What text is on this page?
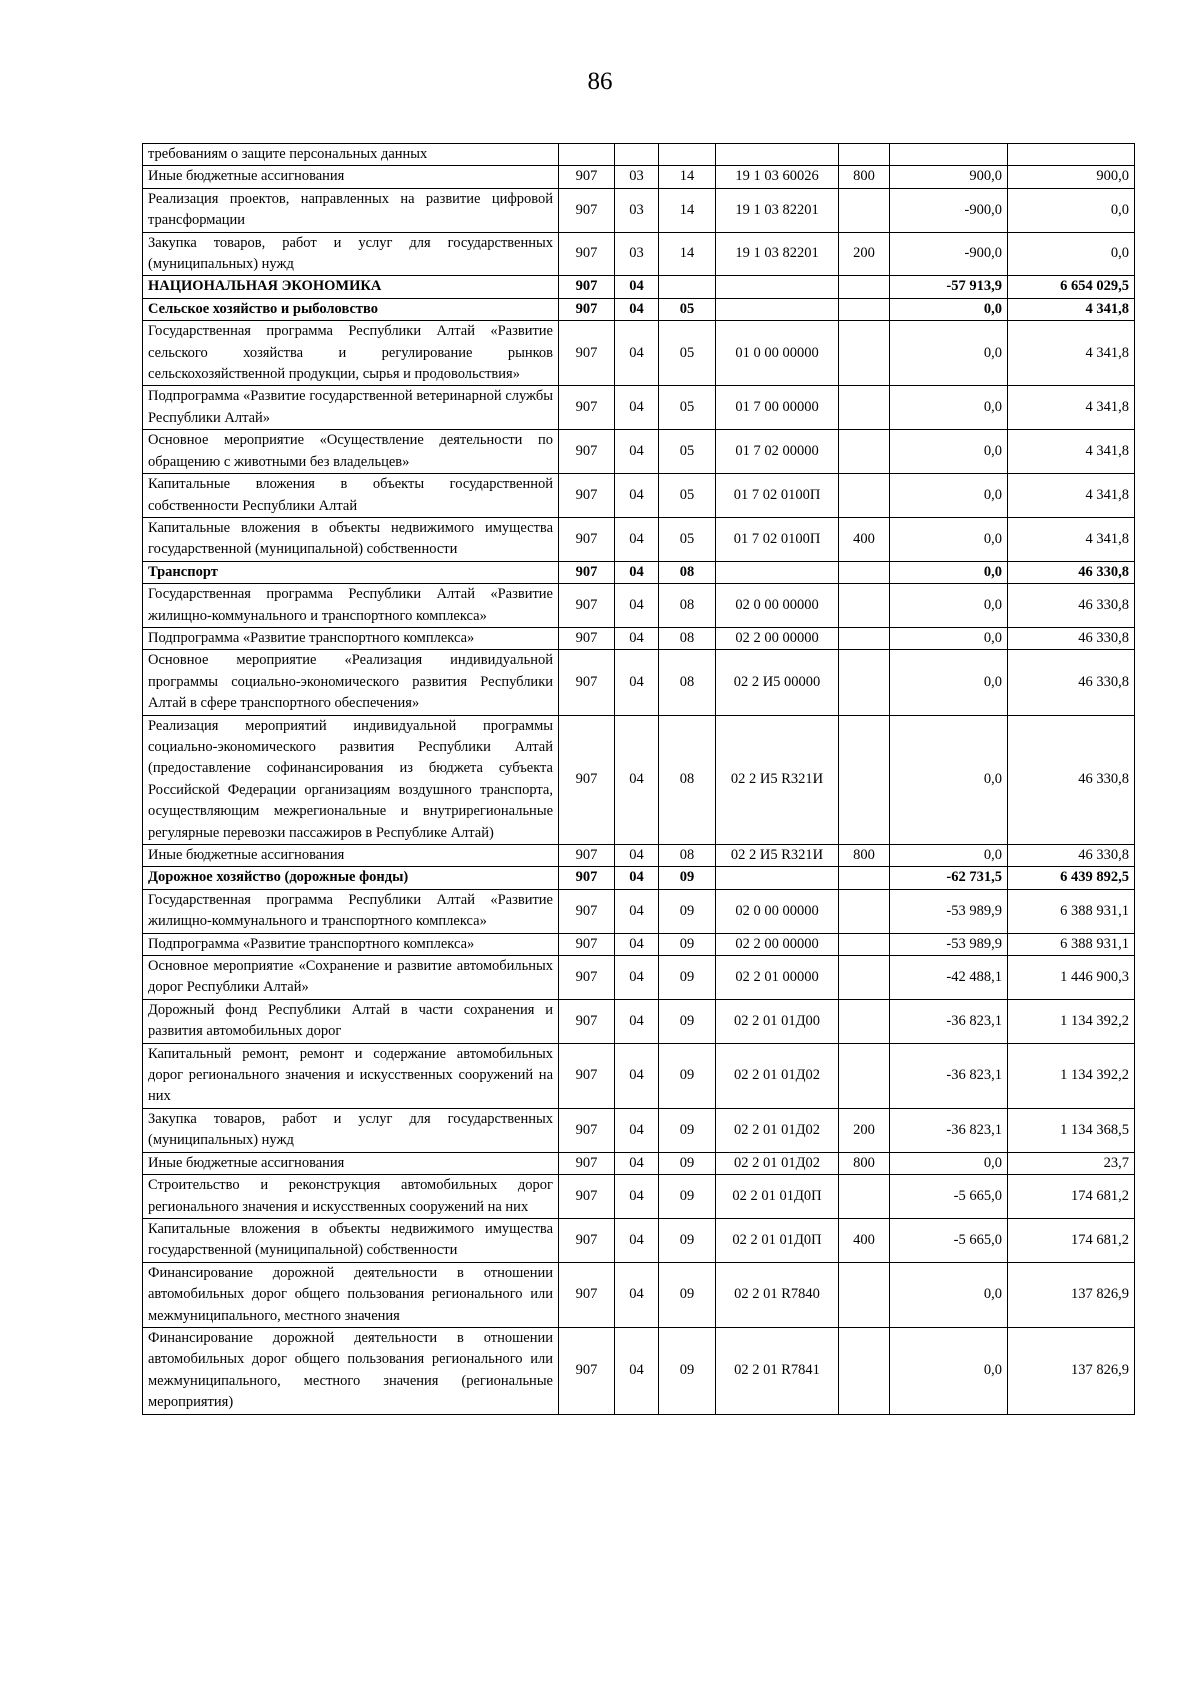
86
требованиям о защите персональных данных							
Иные бюджетные ассигнования	907	03	14	19 1 03 60026	800	900,0	900,0
Реализация проектов, направленных на развитие цифровой трансформации	907	03	14	19 1 03 82201		-900,0	0,0
Закупка товаров, работ и услуг для государственных (муниципальных) нужд	907	03	14	19 1 03 82201	200	-900,0	0,0
НАЦИОНАЛЬНАЯ ЭКОНОМИКА	907	04				-57 913,9	6 654 029,5
Сельское хозяйство и рыболовство	907	04	05			0,0	4 341,8
Государственная программа Республики Алтай «Развитие сельского хозяйства и регулирование рынков сельскохозяйственной продукции, сырья и продовольствия»	907	04	05	01 0 00 00000		0,0	4 341,8
Подпрограмма «Развитие государственной ветеринарной службы Республики Алтай»	907	04	05	01 7 00 00000		0,0	4 341,8
Основное мероприятие «Осуществление деятельности по обращению с животными без владельцев»	907	04	05	01 7 02 00000		0,0	4 341,8
Капитальные вложения в объекты государственной собственности Республики Алтай	907	04	05	01 7 02 0100П		0,0	4 341,8
Капитальные вложения в объекты недвижимого имущества государственной (муниципальной) собственности	907	04	05	01 7 02 0100П	400	0,0	4 341,8
Транспорт	907	04	08			0,0	46 330,8
Государственная программа Республики Алтай «Развитие жилищно-коммунального и транспортного комплекса»	907	04	08	02 0 00 00000		0,0	46 330,8
Подпрограмма «Развитие транспортного комплекса»	907	04	08	02 2 00 00000		0,0	46 330,8
Основное мероприятие «Реализация индивидуальной программы социально-экономического развития Республики Алтай в сфере транспортного обеспечения»	907	04	08	02 2 И5 00000		0,0	46 330,8
Реализация мероприятий индивидуальной программы социально-экономического развития Республики Алтай (предоставление софинансирования из бюджета субъекта Российской Федерации организациям воздушного транспорта, осуществляющим межрегиональные и внутрирегиональные регулярные перевозки пассажиров в Республике Алтай)	907	04	08	02 2 И5 R321И		0,0	46 330,8
Иные бюджетные ассигнования	907	04	08	02 2 И5 R321И	800	0,0	46 330,8
Дорожное хозяйство (дорожные фонды)	907	04	09			-62 731,5	6 439 892,5
Государственная программа Республики Алтай «Развитие жилищно-коммунального и транспортного комплекса»	907	04	09	02 0 00 00000		-53 989,9	6 388 931,1
Подпрограмма «Развитие транспортного комплекса»	907	04	09	02 2 00 00000		-53 989,9	6 388 931,1
Основное мероприятие «Сохранение и развитие автомобильных дорог Республики Алтай»	907	04	09	02 2 01 00000		-42 488,1	1 446 900,3
Дорожный фонд Республики Алтай в части сохранения и развития автомобильных дорог	907	04	09	02 2 01 01Д00		-36 823,1	1 134 392,2
Капитальный ремонт, ремонт и содержание автомобильных дорог регионального значения и искусственных сооружений на них	907	04	09	02 2 01 01Д02		-36 823,1	1 134 392,2
Закупка товаров, работ и услуг для государственных (муниципальных) нужд	907	04	09	02 2 01 01Д02	200	-36 823,1	1 134 368,5
Иные бюджетные ассигнования	907	04	09	02 2 01 01Д02	800	0,0	23,7
Строительство и реконструкция автомобильных дорог регионального значения и искусственных сооружений на них	907	04	09	02 2 01 01Д0П		-5 665,0	174 681,2
Капитальные вложения в объекты недвижимого имущества государственной (муниципальной) собственности	907	04	09	02 2 01 01Д0П	400	-5 665,0	174 681,2
Финансирование дорожной деятельности в отношении автомобильных дорог общего пользования регионального или межмуниципального, местного значения	907	04	09	02 2 01 R7840		0,0	137 826,9
Финансирование дорожной деятельности в отношении автомобильных дорог общего пользования регионального или межмуниципального, местного значения (региональные мероприятия)	907	04	09	02 2 01 R7841		0,0	137 826,9
